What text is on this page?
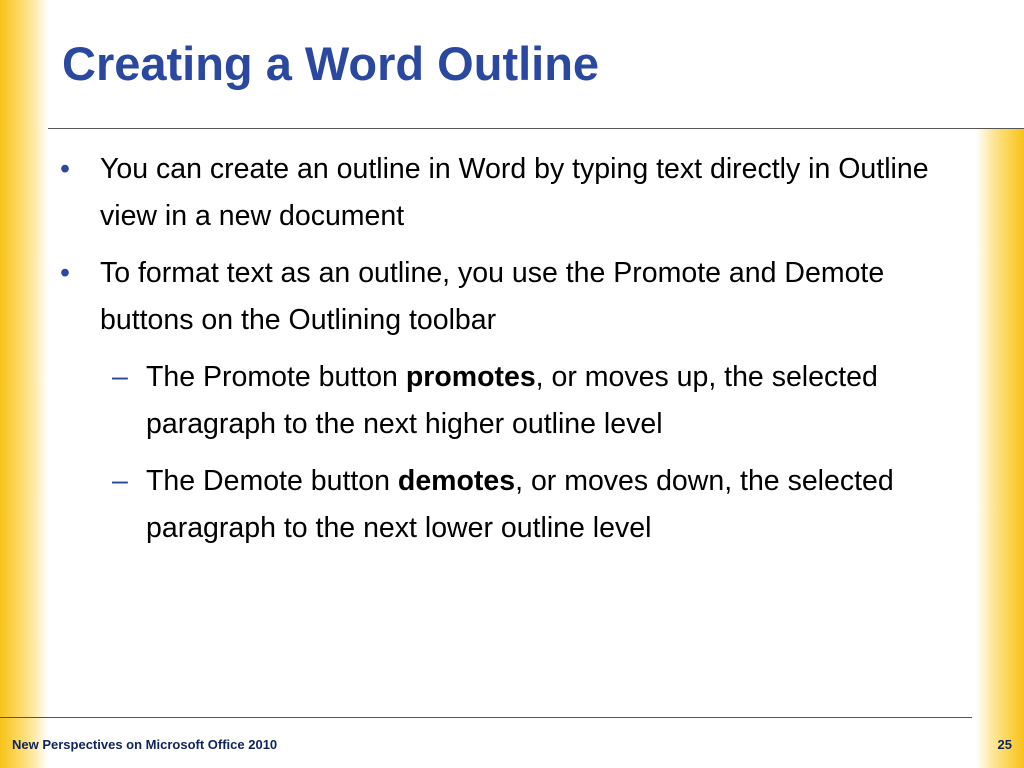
Creating a Word Outline
• You can create an outline in Word by typing text directly in Outline view in a new document
• To format text as an outline, you use the Promote and Demote buttons on the Outlining toolbar
– The Promote button promotes, or moves up, the selected paragraph to the next higher outline level
– The Demote button demotes, or moves down, the selected paragraph to the next lower outline level
New Perspectives on Microsoft Office 2010	25
